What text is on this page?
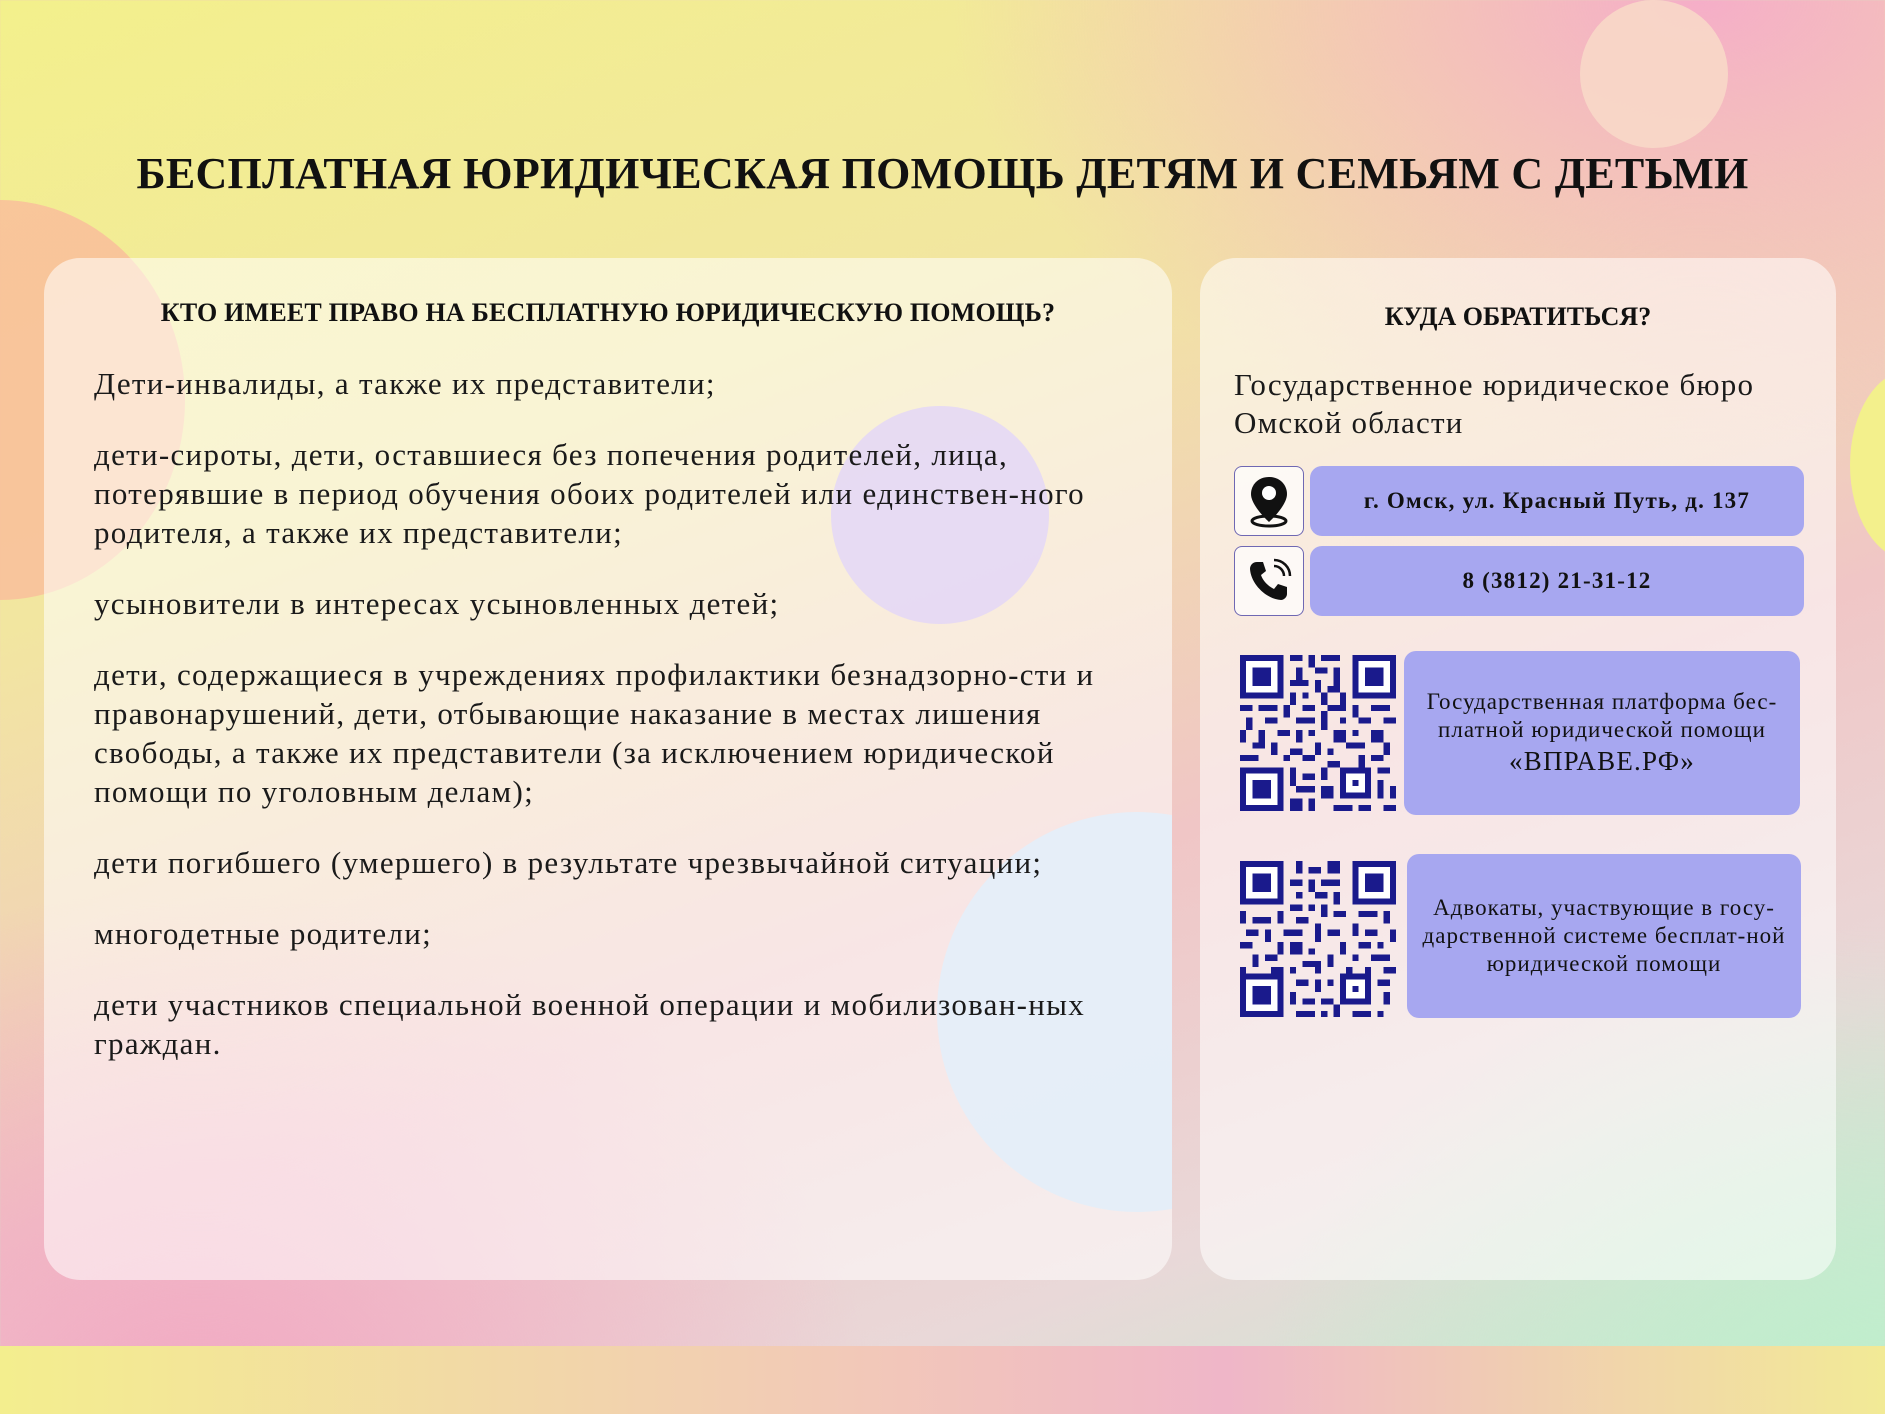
БЕСПЛАТНАЯ ЮРИДИЧЕСКАЯ ПОМОЩЬ ДЕТЯМ И СЕМЬЯМ С ДЕТЬМИ
КТО ИМЕЕТ ПРАВО НА БЕСПЛАТНУЮ ЮРИДИЧЕСКУЮ ПОМОЩЬ?
Дети-инвалиды, а также их представители;
дети-сироты, дети, оставшиеся без попечения родителей, лица, потерявшие в период обучения обоих родителей или единствен-ного родителя, а также их представители;
усыновители в интересах усыновленных детей;
дети, содержащиеся в учреждениях профилактики безнадзорно-сти и правонарушений, дети, отбывающие наказание в местах лишения свободы, а также их представители (за исключением юридической помощи по уголовным делам);
дети погибшего (умершего) в результате чрезвычайной ситуации;
многодетные родители;
дети участников специальной военной операции и мобилизован-ных граждан.
КУДА ОБРАТИТЬСЯ?
Государственное юридическое бюро Омской области
г. Омск, ул. Красный Путь, д. 137
8 (3812) 21-31-12
Государственная платформа бес-платной юридической помощи
«ВПРАВЕ.РФ»
Адвокаты, участвующие в госу-дарственной системе бесплат-ной юридической помощи
